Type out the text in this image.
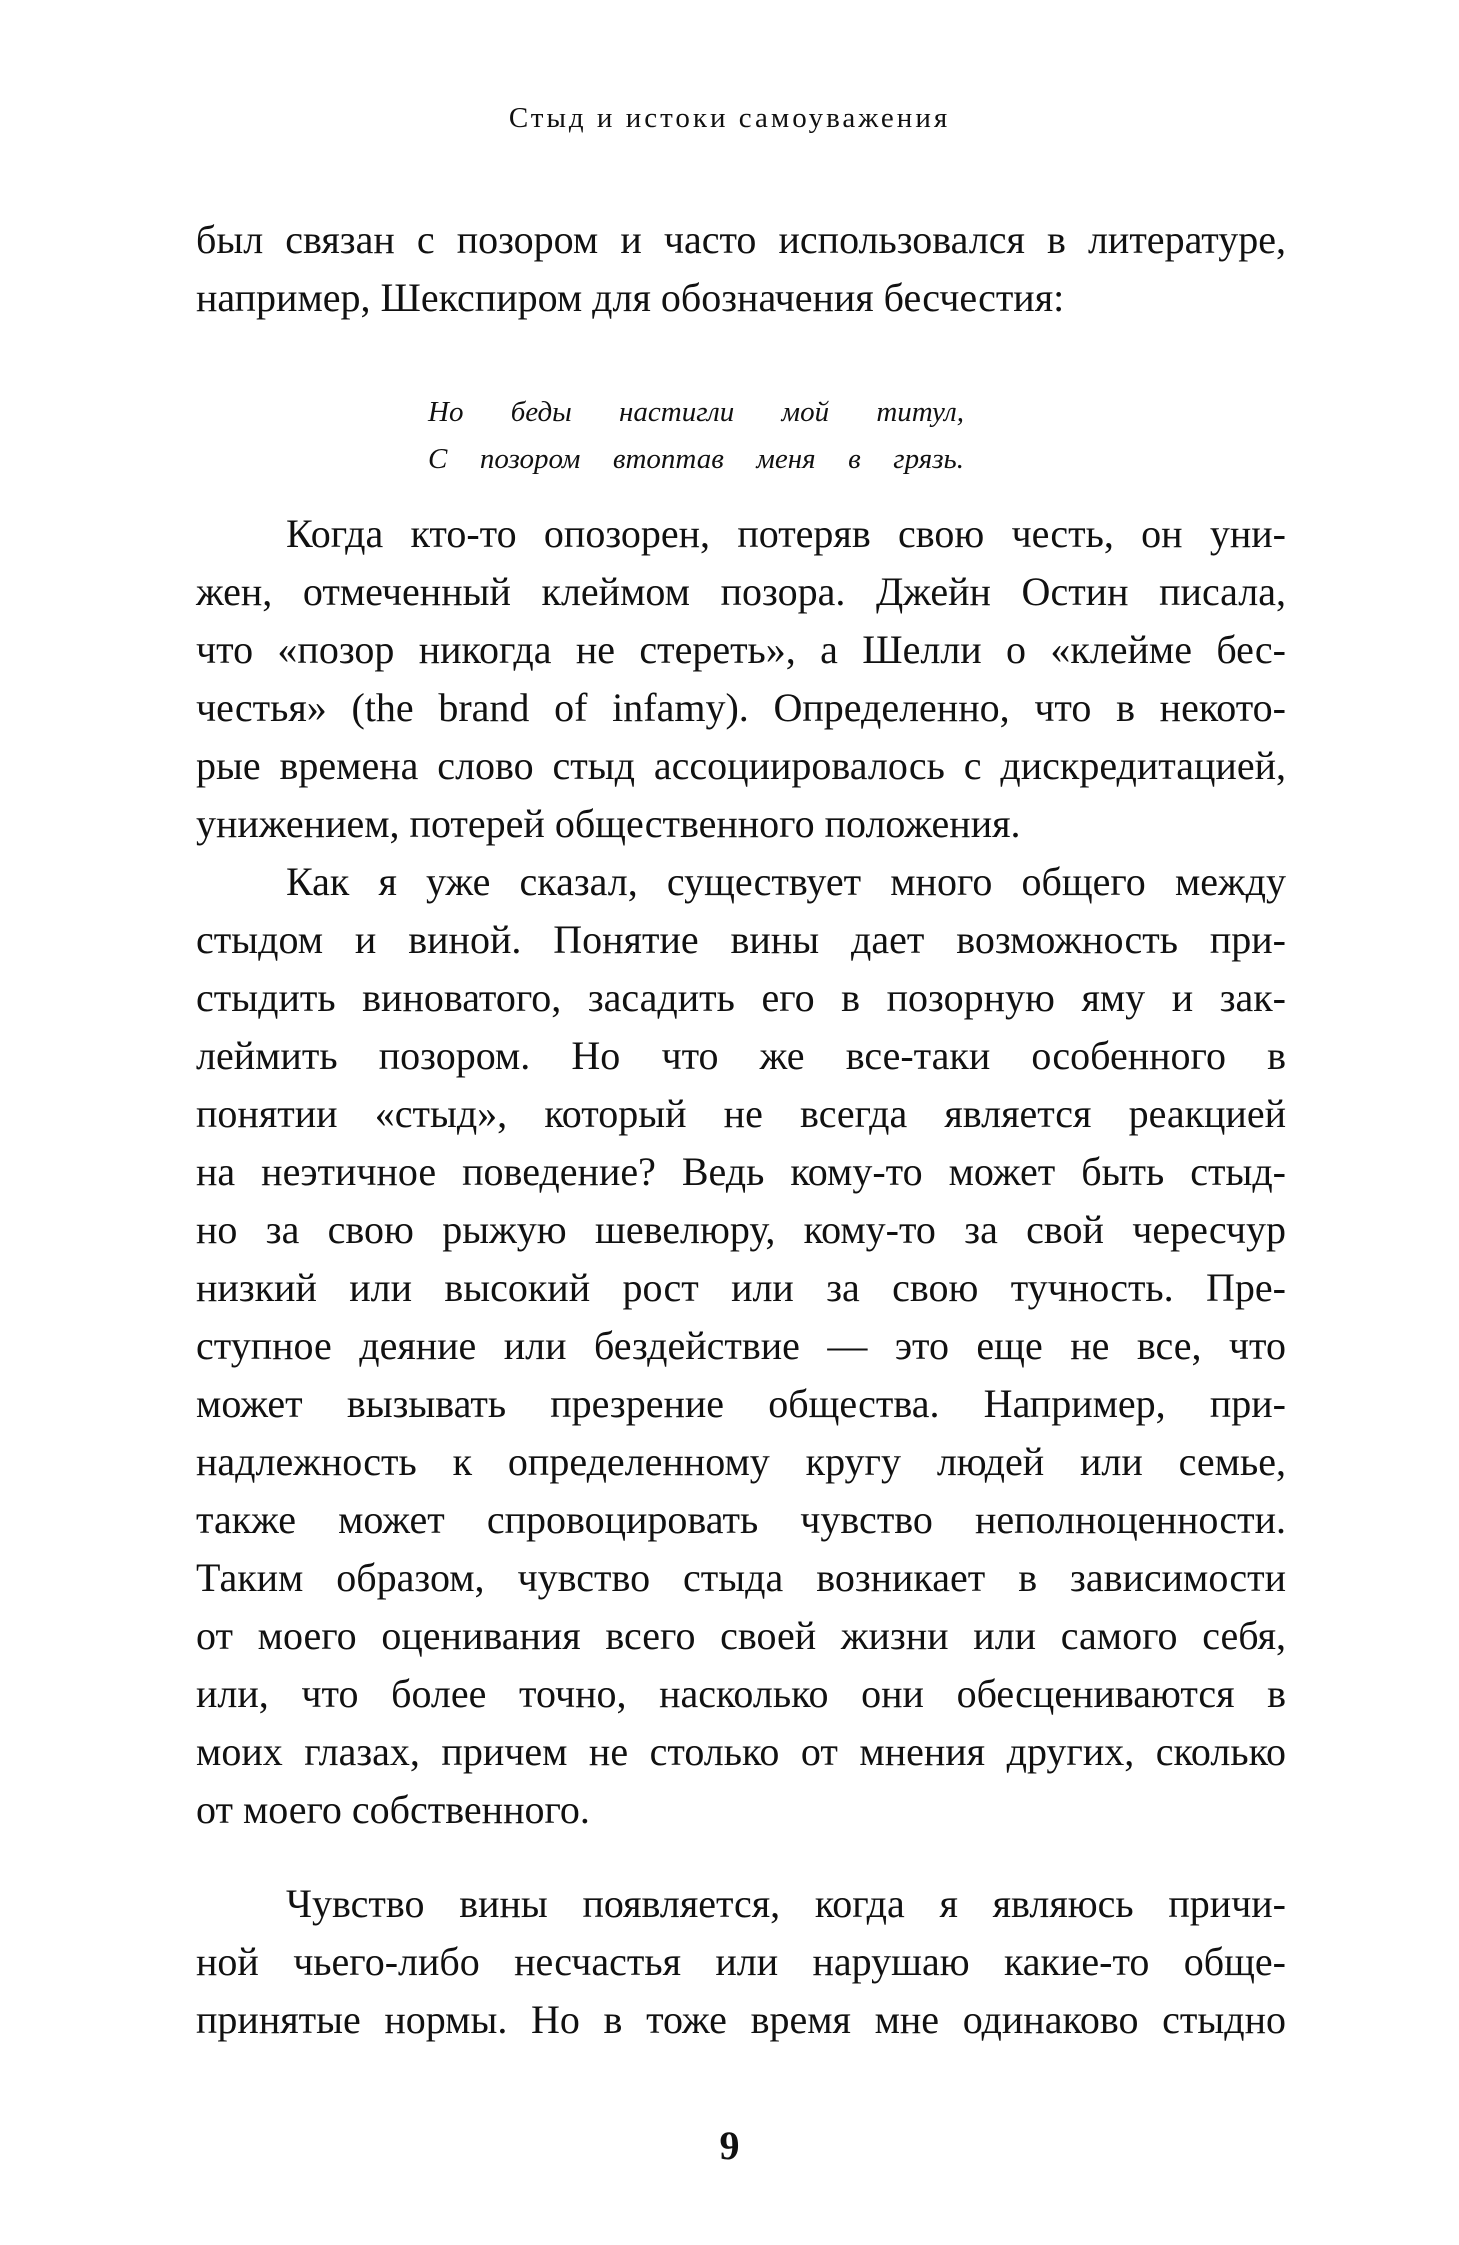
Стыд и истоки самоуважения
был связан с позором и часто использовался в литературе,
например, Шекспиром для обозначения бесчестия:
Но беды настигли мой титул,
С позором втоптав меня в грязь.
Когда кто-то опозорен, потеряв свою честь, он уни-
жен, отмеченный клеймом позора. Джейн Остин писала,
что «позор никогда не стереть», а Шелли о «клейме бес-
честья» (the brand of infamy). Определенно, что в некото-
рые времена слово стыд ассоциировалось с дискредитацией,
унижением, потерей общественного положения.
Как я уже сказал, существует много общего между
стыдом и виной. Понятие вины дает возможность при-
стыдить виноватого, засадить его в позорную яму и зак-
леймить позором. Но что же все-таки особенного в
понятии «стыд», который не всегда является реакцией
на неэтичное поведение? Ведь кому-то может быть стыд-
но за свою рыжую шевелюру, кому-то за свой чересчур
низкий или высокий рост или за свою тучность. Пре-
ступное деяние или бездействие — это еще не все, что
может вызывать презрение общества. Например, при-
надлежность к определенному кругу людей или семье,
также может спровоцировать чувство неполноценности.
Таким образом, чувство стыда возникает в зависимости
от моего оценивания всего своей жизни или самого себя,
или, что более точно, насколько они обесцениваются в
моих глазах, причем не столько от мнения других, сколько
от моего собственного.
Чувство вины появляется, когда я являюсь причи-
ной чьего-либо несчастья или нарушаю какие-то обще-
принятые нормы. Но в тоже время мне одинаково стыдно
9
